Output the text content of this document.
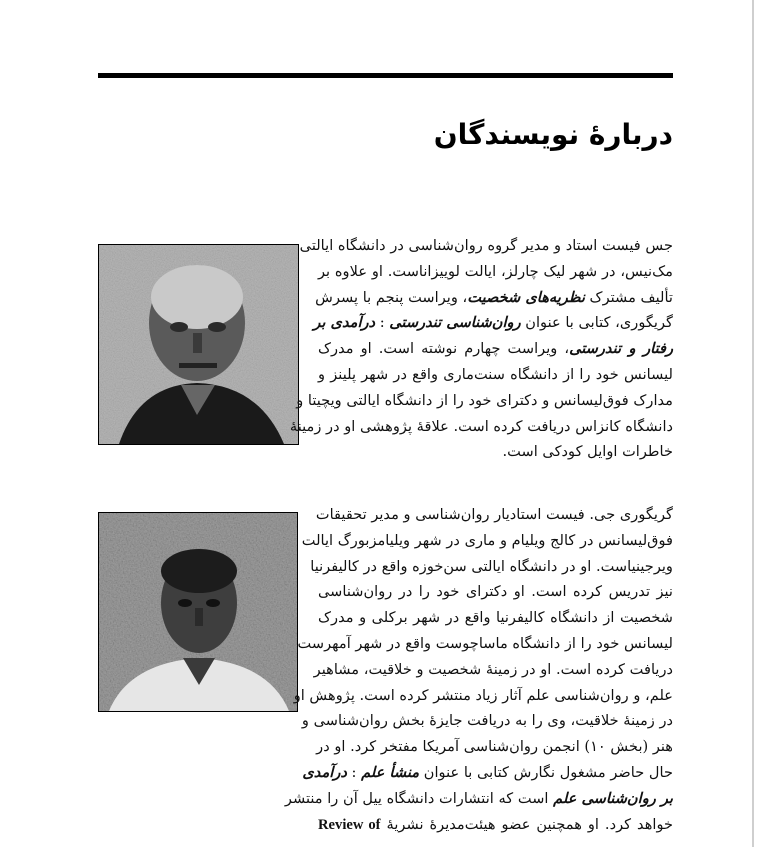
دربارهٔ نویسندگان
جس فیست استاد و مدیر گروه روان‌شناسی در دانشگاه ایالتی
مک‌نیس، در شهر لیک چارلز، ایالت لوییزاناست. او علاوه بر
تألیف مشترک نظریه‌های شخصیت، ویراست پنجم با پسرش
گریگوری، کتابی با عنوان روان‌شناسی تندرستی : درآمدی بر
رفتار و تندرستی، ویراست چهارم نوشته است. او مدرک
لیسانس خود را از دانشگاه سنت‌ماری واقع در شهر پلینز و
مدارک فوق‌لیسانس و دکترای خود را از دانشگاه ایالتی ویچیتا و
دانشگاه کانزاس دریافت کرده است. علاقهٔ پژوهشی او در زمینهٔ
خاطرات اوایل کودکی است.
گریگوری جی. فیست استادیار روان‌شناسی و مدیر تحقیقات
فوق‌لیسانس در کالج ویلیام و ماری در شهر ویلیامزبورگ ایالت
ویرجینیاست. او در دانشگاه ایالتی سن‌خوزه واقع در کالیفرنیا
نیز تدریس کرده است. او دکترای خود را در روان‌شناسی
شخصیت از دانشگاه کالیفرنیا واقع در شهر برکلی و مدرک
لیسانس خود را از دانشگاه ماساچوست واقع در شهر آمهرست
دریافت کرده است. او در زمینهٔ شخصیت و خلاقیت، مشاهیر
علم، و روان‌شناسی علم آثار زیاد منتشر کرده است. پژوهش او
در زمینهٔ خلاقیت، وی را به دریافت جایزهٔ بخش روان‌شناسی و
هنر (بخش ۱۰) انجمن روان‌شناسی آمریکا مفتخر کرد. او در
حال حاضر مشغول نگارش کتابی با عنوان منشأ علم : درآمدی
بر روان‌شناسی علم است که انتشارات دانشگاه ییل آن را منتشر
خواهد کرد. او همچنین عضو هیئت‌مدیرهٔ نشریهٔ Review of
